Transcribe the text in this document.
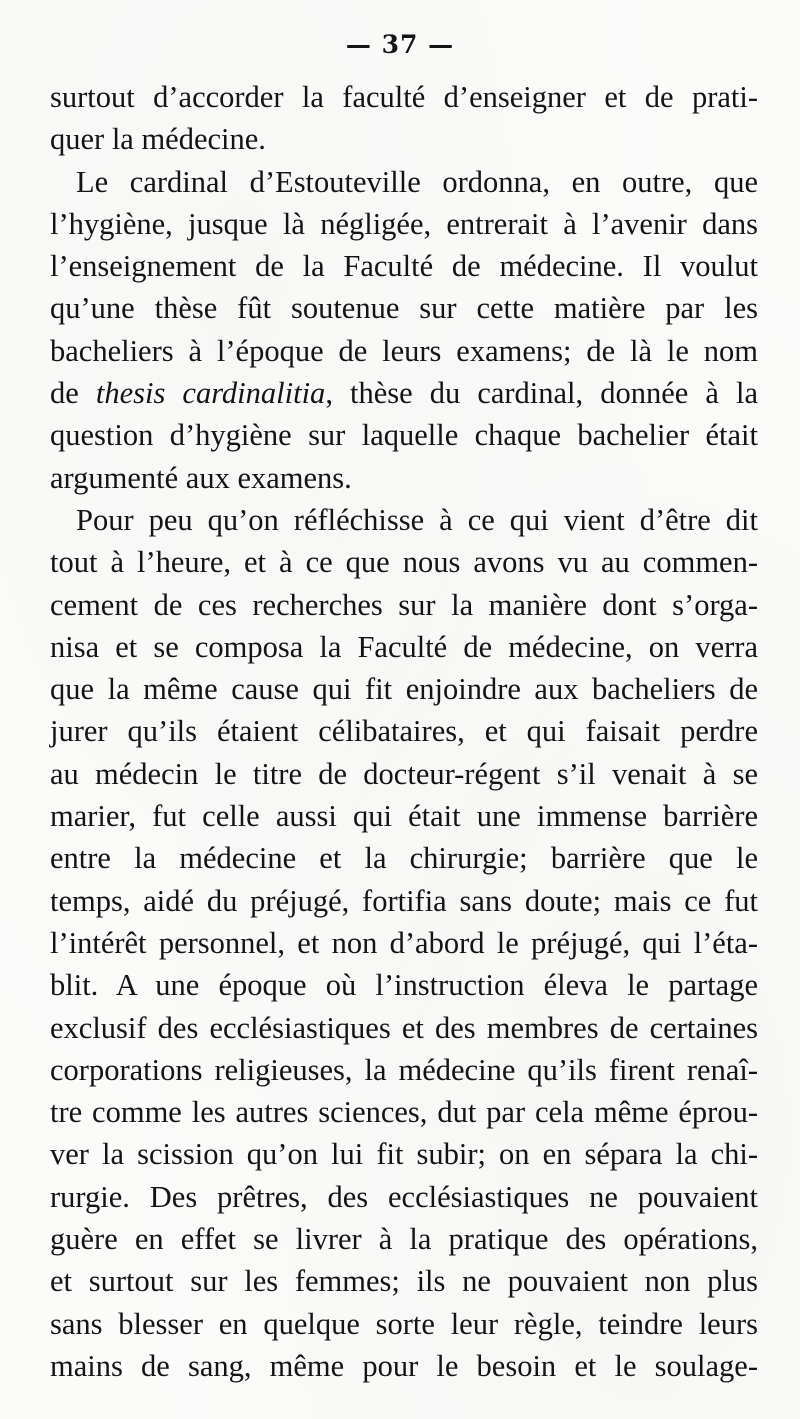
— 37 —
surtout d’accorder la faculté d’enseigner et de prati-
quer la médecine.
Le cardinal d’Estouteville ordonna, en outre, que
l’hygiène, jusque là négligée, entrerait à l’avenir dans
l’enseignement de la Faculté de médecine. Il voulut
qu’une thèse fût soutenue sur cette matière par les
bacheliers à l’époque de leurs examens; de là le nom
de thesis cardinalitia, thèse du cardinal, donnée à la
question d’hygiène sur laquelle chaque bachelier était
argumenté aux examens.
Pour peu qu’on réfléchisse à ce qui vient d’être dit
tout à l’heure, et à ce que nous avons vu au commen-
cement de ces recherches sur la manière dont s’orga-
nisa et se composa la Faculté de médecine, on verra
que la même cause qui fit enjoindre aux bacheliers de
jurer qu’ils étaient célibataires, et qui faisait perdre
au médecin le titre de docteur-régent s’il venait à se
marier, fut celle aussi qui était une immense barrière
entre la médecine et la chirurgie; barrière que le
temps, aidé du préjugé, fortifia sans doute; mais ce fut
l’intérêt personnel, et non d’abord le préjugé, qui l’éta-
blit. A une époque où l’instruction éleva le partage
exclusif des ecclésiastiques et des membres de certaines
corporations religieuses, la médecine qu’ils firent renaî-
tre comme les autres sciences, dut par cela même éprou-
ver la scission qu’on lui fit subir; on en sépara la chi-
rurgie. Des prêtres, des ecclésiastiques ne pouvaient
guère en effet se livrer à la pratique des opérations,
et surtout sur les femmes; ils ne pouvaient non plus
sans blesser en quelque sorte leur règle, teindre leurs
mains de sang, même pour le besoin et le soulage-
